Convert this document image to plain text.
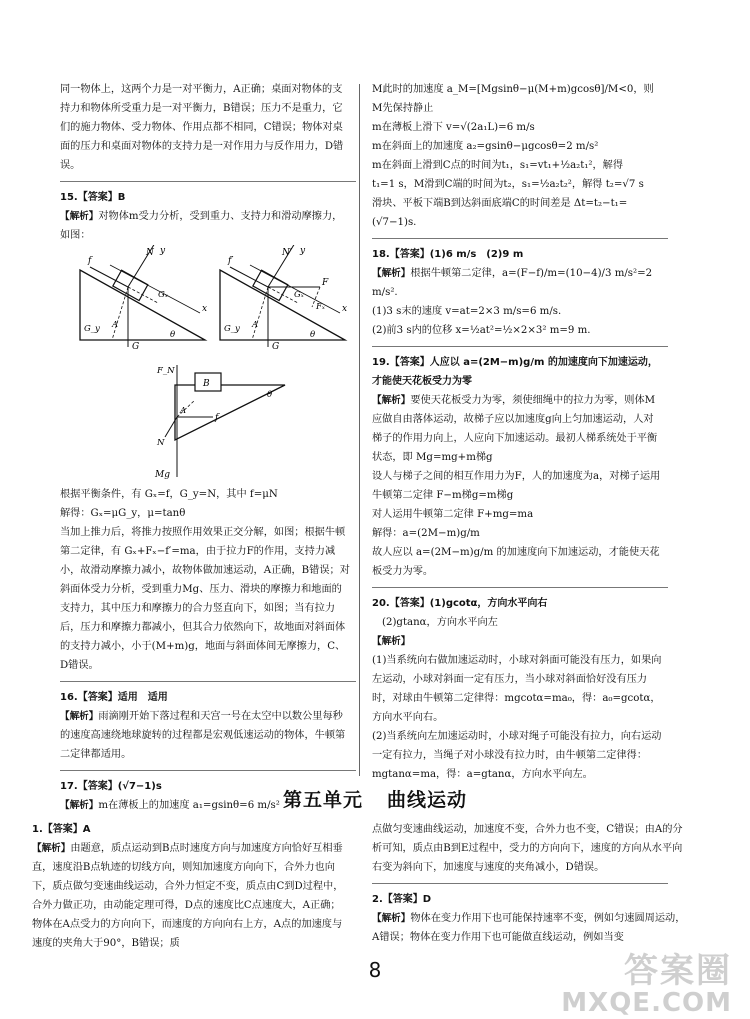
同一物体上，这两个力是一对平衡力，A正确；桌面对物体的支持力和物体所受重力是一对平衡力，B错误；压力不是重力，它们的施力物体、受力物体、作用点都不相同，C错误；物体对桌面的压力和桌面对物体的支持力是一对作用力与反作用力，D错误。

15.【答案】B

【解析】对物体m受力分析，受到重力、支持力和滑动摩擦力，如图：

f
N y
x
Gₓ
G_y A
G
θ
f′
N′ y
x
F
Fₓ
Gₓ
G_y A
G
θ
F_N
B
A
f
N
Mg
θ

根据平衡条件，有 Gₓ=f，G_y=N，其中 f=μN

解得：Gₓ=μG_y，μ=tanθ

当加上推力后，将推力按照作用效果正交分解，如图；根据牛顿第二定律，有 Gₓ+Fₓ−f′=ma，由于拉力F的作用，支持力减小，故滑动摩擦力减小，故物体做加速运动，A正确，B错误；对斜面体受力分析，受到重力Mg、压力、滑块的摩擦力和地面的支持力，其中压力和摩擦力的合力竖直向下，如图；当有拉力后，压力和摩擦力都减小，但其合力依然向下，故地面对斜面体的支持力减小，小于(M+m)g，地面与斜面体间无摩擦力，C、D错误。

16.【答案】适用　适用

【解析】雨滴刚开始下落过程和天宫一号在太空中以数公里每秒的速度高速绕地球旋转的过程都是宏观低速运动的物体，牛顿第二定律都适用。

17.【答案】(√7−1)s

【解析】m在薄板上的加速度 a₁=gsinθ=6 m/s²

M此时的加速度 a_M=[Mgsinθ−μ(M+m)gcosθ]/M<0，则M先保持静止

m在薄板上滑下 v=√(2a₁L)=6 m/s

m在斜面上的加速度 a₂=gsinθ−μgcosθ=2 m/s²

m在斜面上滑到C点的时间为t₁，s₁=vt₁+½a₂t₁²，解得

t₁=1 s，M滑到C端的时间为t₂，s₁=½a₂t₂²，解得 t₂=√7 s

滑块、平板下端B到达斜面底端C的时间差是 Δt=t₂−t₁=(√7−1)s.

18.【答案】(1)6 m/s　(2)9 m

【解析】根据牛顿第二定律，a=(F−f)/m=(10−4)/3 m/s²=2 m/s².

(1)3 s末的速度 v=at=2×3 m/s=6 m/s.

(2)前3 s内的位移 x=½at²=½×2×3² m=9 m.

19.【答案】人应以 a=(2M−m)g/m 的加速度向下加速运动，才能使天花板受力为零

【解析】要使天花板受力为零，须使细绳中的拉力为零，则体M应做自由落体运动，故梯子应以加速度g向上匀加速运动，人对梯子的作用力向上，人应向下加速运动。最初人梯系统处于平衡状态，即 Mg=mg+m梯g

设人与梯子之间的相互作用力为F，人的加速度为a，对梯子运用牛顿第二定律 F−m梯g=m梯g

对人运用牛顿第二定律 F+mg=ma

解得：a=(2M−m)g/m

故人应以 a=(2M−m)g/m 的加速度向下加速运动，才能使天花板受力为零。

20.【答案】(1)gcotα，方向水平向右

(2)gtanα，方向水平向左

【解析】

(1)当系统向右做加速运动时，小球对斜面可能没有压力，如果向左运动，小球对斜面一定有压力，当小球对斜面恰好没有压力时，对球由牛顿第二定律得：mgcotα=ma₀，得：a₀=gcotα，方向水平向右。

(2)当系统向左加速运动时，小球对绳子可能没有拉力，向右运动一定有拉力，当绳子对小球没有拉力时，由牛顿第二定律得：mgtanα=ma，得：a=gtanα，方向水平向左。

第五单元 曲线运动

1.【答案】A

【解析】由题意，质点运动到B点时速度方向与加速度方向恰好互相垂直，速度沿B点轨迹的切线方向，则知加速度方向向下，合外力也向下，质点做匀变速曲线运动，合外力恒定不变，质点由C到D过程中，合外力做正功，由动能定理可得，D点的速度比C点速度大，A正确；物体在A点受力的方向向下，而速度的方向向右上方，A点的加速度与速度的夹角大于90°，B错误；质

点做匀变速曲线运动，加速度不变，合外力也不变，C错误；由A的分析可知，质点由B到E过程中，受力的方向向下，速度的方向从水平向右变为斜向下，加速度与速度的夹角减小，D错误。

2.【答案】D

【解析】物体在变力作用下也可能保持速率不变，例如匀速圆周运动，A错误；物体在变力作用下也可能做直线运动，例如当变

8	答案圈
MXQE.COM
